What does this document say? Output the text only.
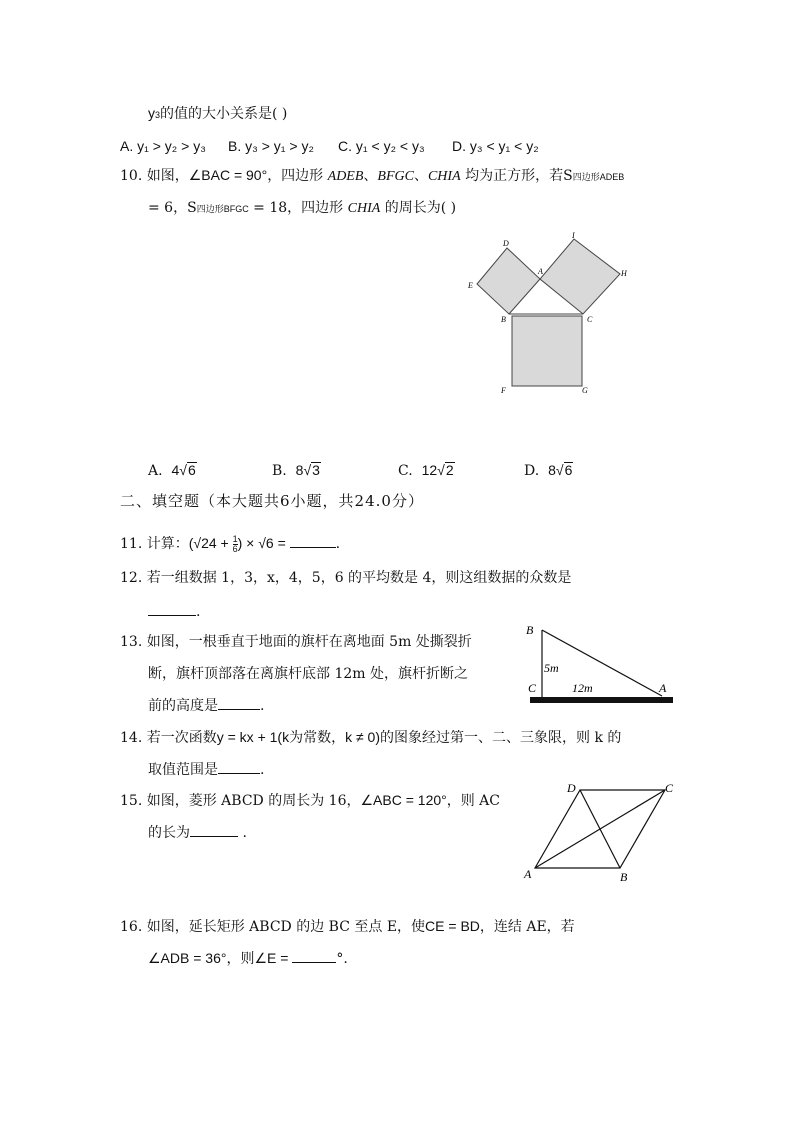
y3的值的大小关系是( )
A. y₁ > y₂ > y₃ B. y₃ > y₁ > y₂ C. y₁ < y₂ < y₃ D. y₃ < y₁ < y₂
10. 如图，∠BAC = 90°，四边形 ADEB、BFGC、CHIA 均为正方形，若S四边形ADEB
= 6，S四边形BFGC = 18，四边形 CHIA 的周长为( )
D
I
A	H
E
B	C
F	G
A. 4√6	B. 8√3	C. 12√2	D. 8√6
二、填空题（本大题共6小题，共24.0分）
11. 计算：($√24 + \frac{1}{6}$ ) × √6 =	.
12. 若一组数据 1，3，x，4，5，6 的平均数是 4，则这组数据的众数是
.
13. 如图，一根垂直于地面的旗杆在离地面 5m 处撕裂折
断，旗杆顶部落在离旗杆底部 12m 处，旗杆折断之
前的高度是	.
B
C	A
5m
12m
14. 若一次函数y = kx + 1(k为常数，k ≠ 0)的图象经过第一、二、三象限，则 k 的
取值范围是	.
15. 如图，菱形 ABCD 的周长为 16，∠ABC = 120°，则 AC
的长为	.
A	B
C
D
16. 如图，延长矩形 ABCD 的边 BC 至点 E，使CE = BD，连结 AE，若
∠ADB = 36°，则∠E =	°.
